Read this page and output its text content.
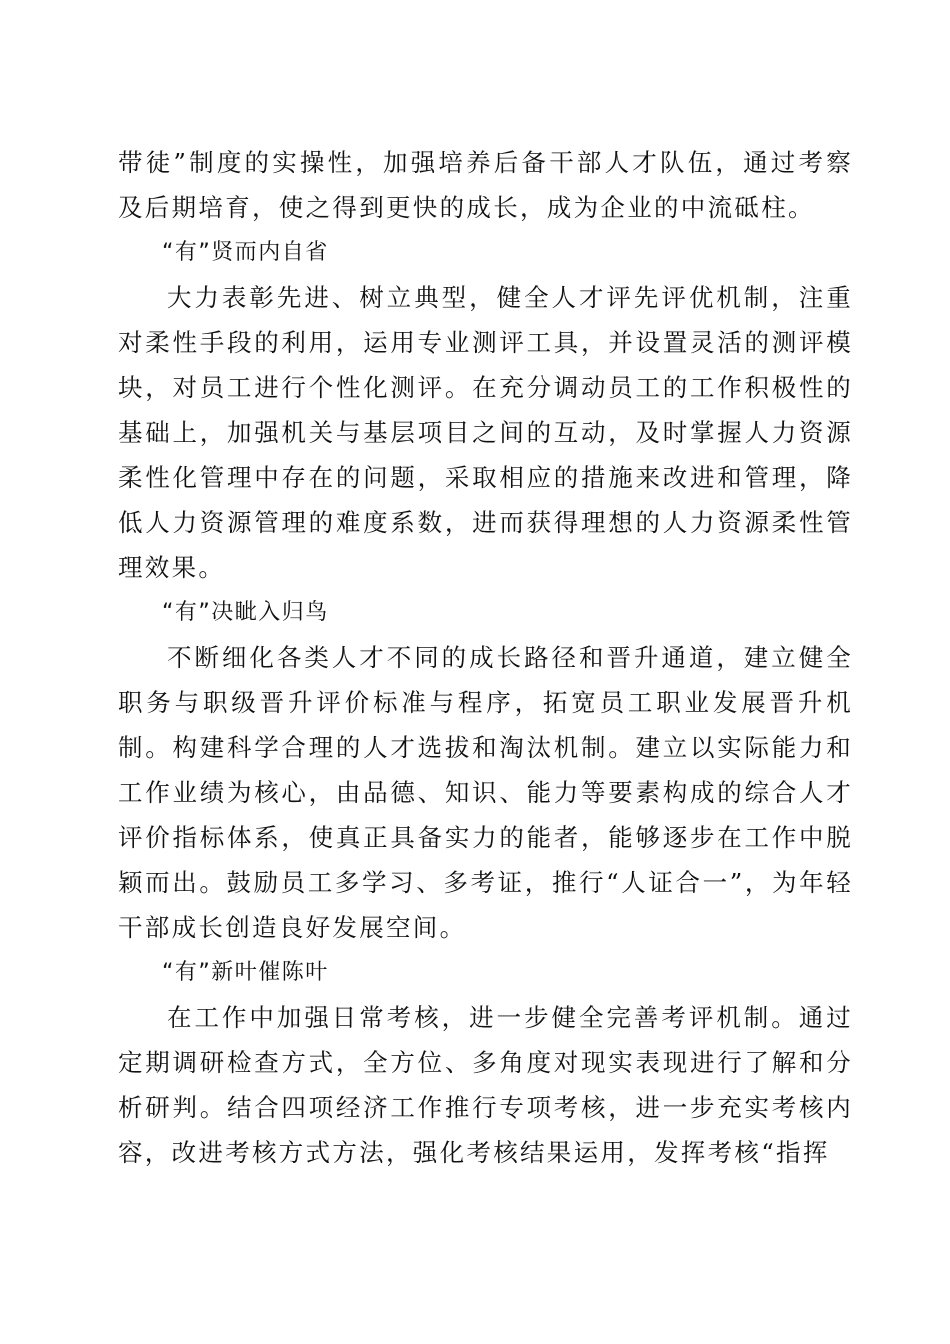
带徒”制度的实操性，加强培养后备干部人才队伍，通过考察及后期培育，使之得到更快的成长，成为企业的中流砥柱。

“有”贤而内自省

大力表彰先进、树立典型，健全人才评先评优机制，注重对柔性手段的利用，运用专业测评工具，并设置灵活的测评模块，对员工进行个性化测评。在充分调动员工的工作积极性的基础上，加强机关与基层项目之间的互动，及时掌握人力资源柔性化管理中存在的问题，采取相应的措施来改进和管理，降低人力资源管理的难度系数，进而获得理想的人力资源柔性管理效果。

“有”决眦入归鸟

不断细化各类人才不同的成长路径和晋升通道，建立健全职务与职级晋升评价标准与程序，拓宽员工职业发展晋升机制。构建科学合理的人才选拔和淘汰机制。建立以实际能力和工作业绩为核心，由品德、知识、能力等要素构成的综合人才评价指标体系，使真正具备实力的能者，能够逐步在工作中脱颖而出。鼓励员工多学习、多考证，推行“人证合一”，为年轻干部成长创造良好发展空间。

“有”新叶催陈叶

在工作中加强日常考核，进一步健全完善考评机制。通过定期调研检查方式，全方位、多角度对现实表现进行了解和分析研判。结合四项经济工作推行专项考核，进一步充实考核内容，改进考核方式方法，强化考核结果运用，发挥考核“指挥
